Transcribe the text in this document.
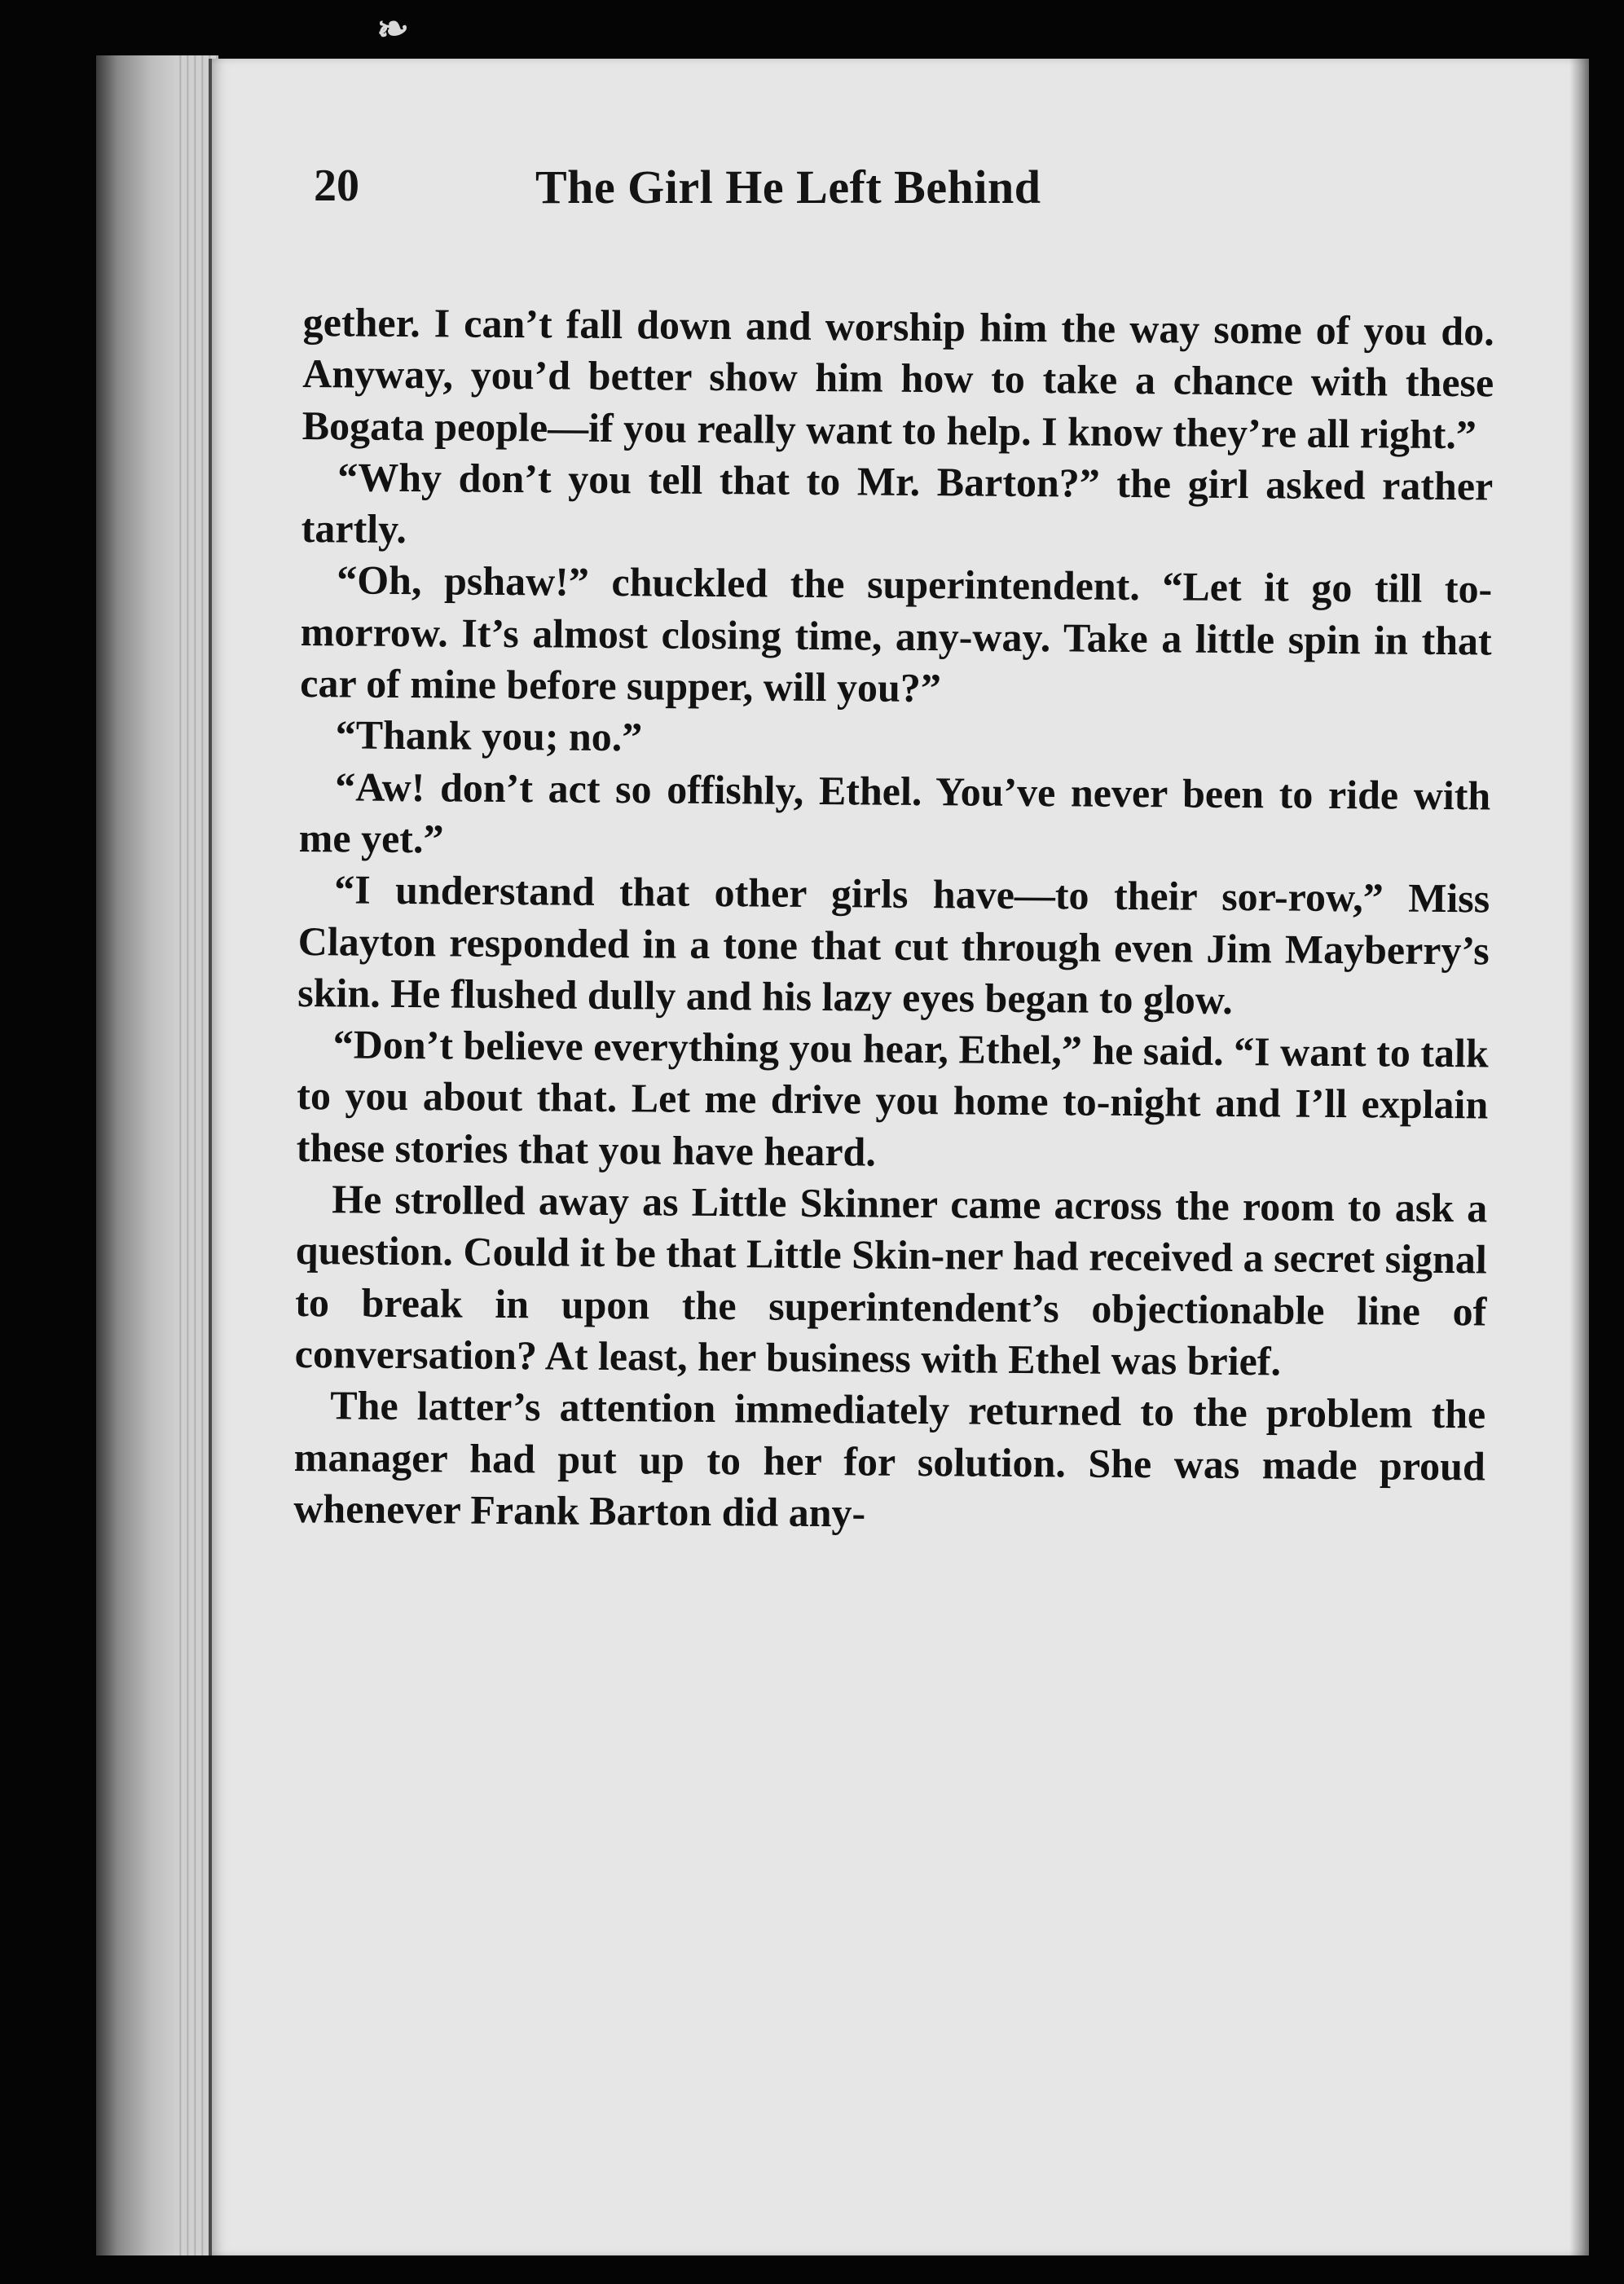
❧
20	The Girl He Left Behind

gether. I can’t fall down and worship him the way some of you do. Anyway, you’d better show him how to take a chance with these Bogata people—if you really want to help. I know they’re all right.”

“Why don’t you tell that to Mr. Barton?” the girl asked rather tartly.

“Oh, pshaw!” chuckled the superintendent. “Let it go till to-morrow. It’s almost closing time, any-way. Take a little spin in that car of mine before supper, will you?”

“Thank you; no.”

“Aw! don’t act so offishly, Ethel. You’ve never been to ride with me yet.”

“I understand that other girls have—to their sor-row,” Miss Clayton responded in a tone that cut through even Jim Mayberry’s skin. He flushed dully and his lazy eyes began to glow.

“Don’t believe everything you hear, Ethel,” he said. “I want to talk to you about that. Let me drive you home to-night and I’ll explain these stories that you have heard.

He strolled away as Little Skinner came across the room to ask a question. Could it be that Little Skin-ner had received a secret signal to break in upon the superintendent’s objectionable line of conversation? At least, her business with Ethel was brief.

The latter’s attention immediately returned to the problem the manager had put up to her for solution. She was made proud whenever Frank Barton did any-
